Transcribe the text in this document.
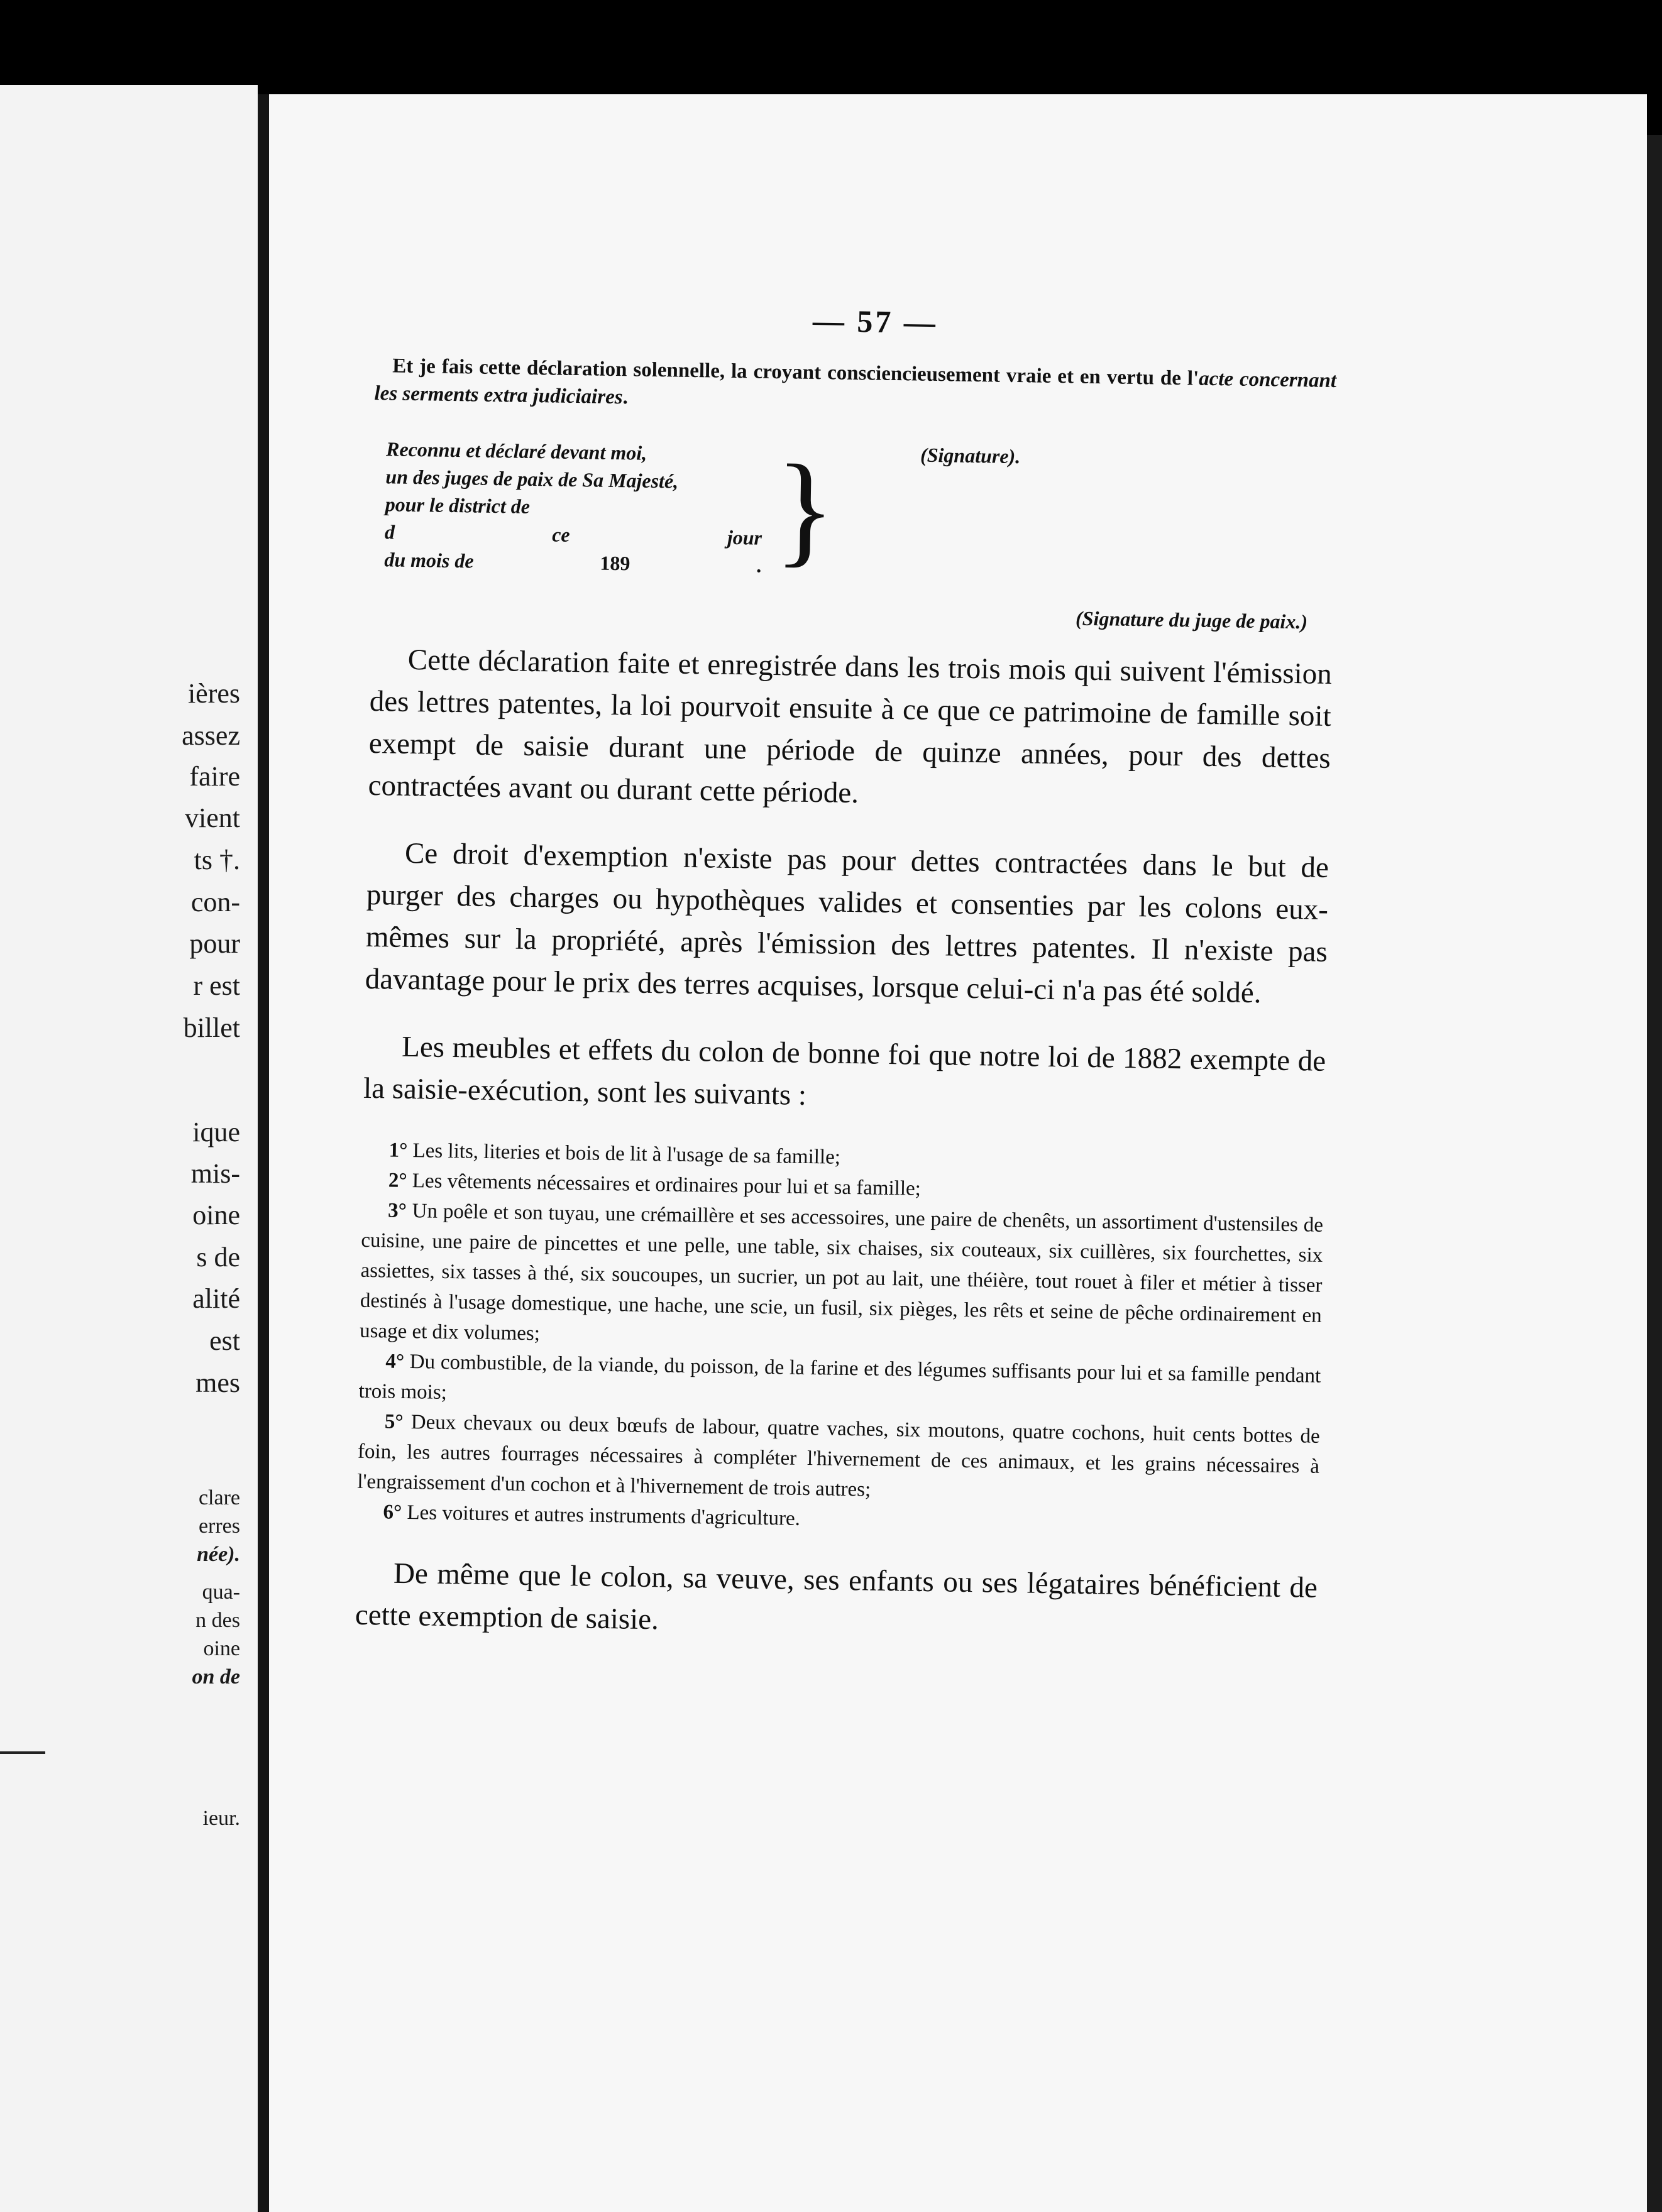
ières
assez
faire
vient
ts †.
con-
pour
r est
billet
ique
mis-
oine
s de
alité
est
mes
clare
erres
née).
qua-
n des
oine
on de
ieur.
— 57 —

Et je fais cette déclaration solennelle, la croyant consciencieusement vraie et en vertu de l'acte concernant les serments extra judiciaires.

Reconnu et déclaré devant moi,
un des juges de paix de Sa Majesté,
pour le district de
d	ce	jour
du mois de	189	. }	(Signature).
(Signature du juge de paix.)

Cette déclaration faite et enregistrée dans les trois mois qui suivent l'émission des lettres patentes, la loi pourvoit ensuite à ce que ce patrimoine de famille soit exempt de saisie durant une période de quinze années, pour des dettes contractées avant ou durant cette période.

Ce droit d'exemption n'existe pas pour dettes contractées dans le but de purger des charges ou hypothèques valides et consenties par les colons eux-mêmes sur la propriété, après l'émission des lettres patentes. Il n'existe pas davantage pour le prix des terres acquises, lorsque celui-ci n'a pas été soldé.

Les meubles et effets du colon de bonne foi que notre loi de 1882 exempte de la saisie-exécution, sont les suivants :

1° Les lits, literies et bois de lit à l'usage de sa famille;
2° Les vêtements nécessaires et ordinaires pour lui et sa famille;
3° Un poêle et son tuyau, une crémaillère et ses accessoires, une paire de chenêts, un assortiment d'ustensiles de cuisine, une paire de pincettes et une pelle, une table, six chaises, six couteaux, six cuillères, six fourchettes, six assiettes, six tasses à thé, six soucoupes, un sucrier, un pot au lait, une théière, tout rouet à filer et métier à tisser destinés à l'usage domestique, une hache, une scie, un fusil, six pièges, les rêts et seine de pêche ordinairement en usage et dix volumes;
4° Du combustible, de la viande, du poisson, de la farine et des légumes suffisants pour lui et sa famille pendant trois mois;
5° Deux chevaux ou deux bœufs de labour, quatre vaches, six moutons, quatre cochons, huit cents bottes de foin, les autres fourrages nécessaires à compléter l'hivernement de ces animaux, et les grains nécessaires à l'engraissement d'un cochon et à l'hivernement de trois autres;
6° Les voitures et autres instruments d'agriculture.

De même que le colon, sa veuve, ses enfants ou ses légataires bénéficient de cette exemption de saisie.
